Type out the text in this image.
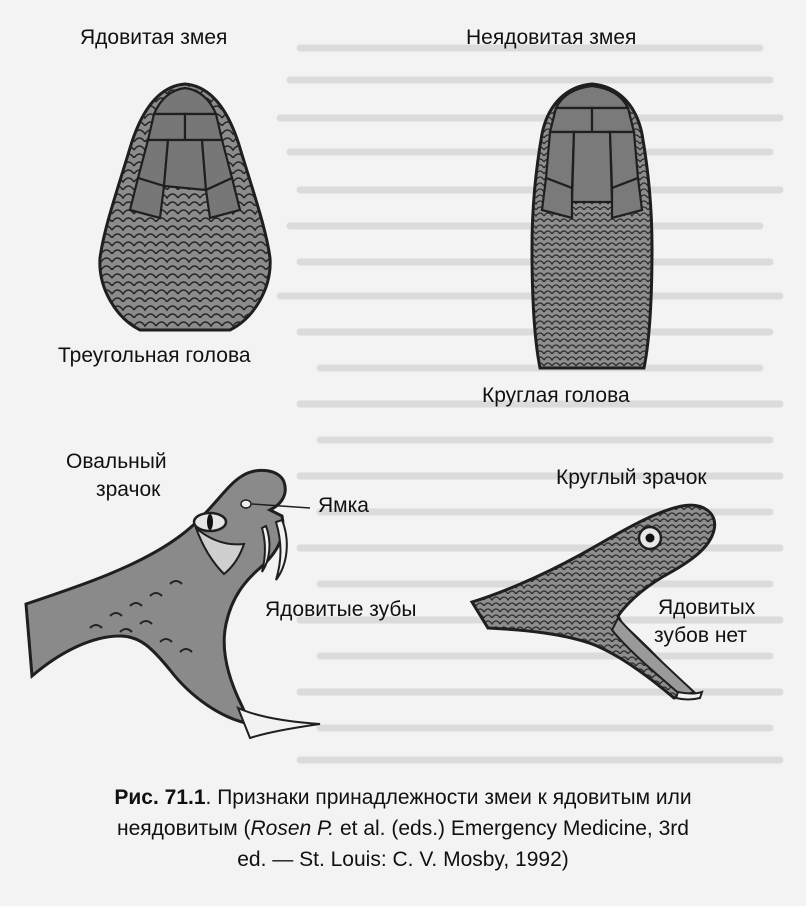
Ядовитая змея
Треугольная голова
Неядовитая змея
Круглая голова
Овальный
зрачок
Ямка
Ядовитые зубы
Круглый зрачок
Ядовитых
зубов нет
Рис. 71.1. Признаки принадлежности змеи к ядовитым или
неядовитым (Rosen P. et al. (eds.) Emergency Medicine, 3rd
ed. — St. Louis: C. V. Mosby, 1992)
